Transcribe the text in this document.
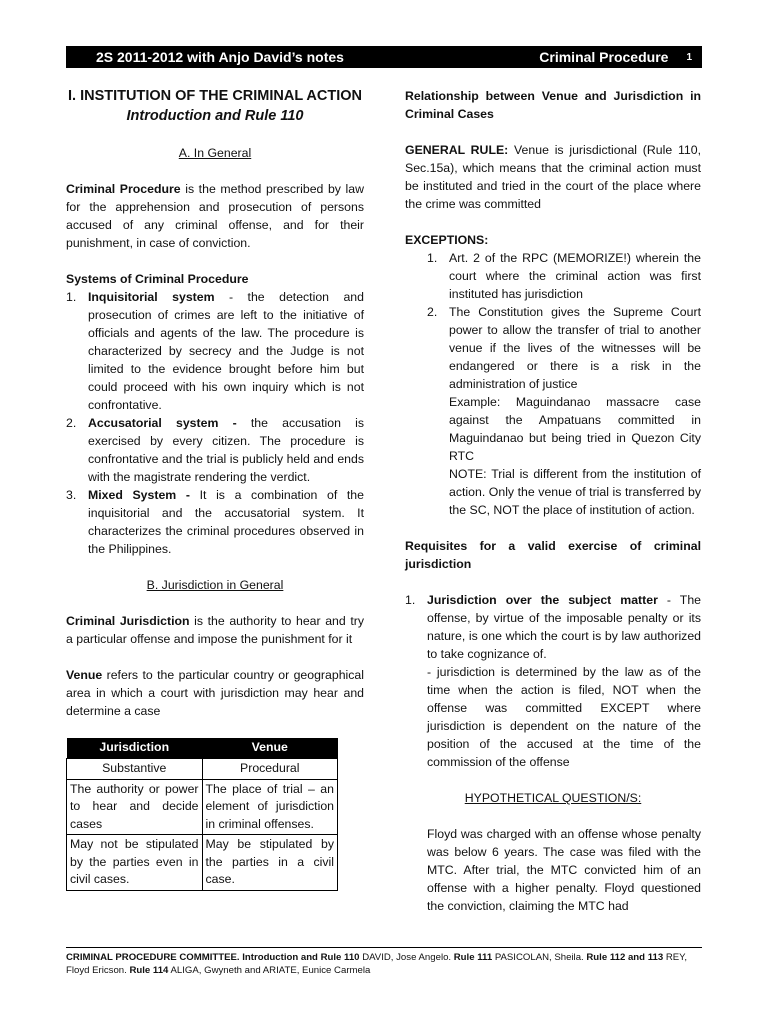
2S 2011-2012 with Anjo David’s notes	Criminal Procedure 1

I. INSTITUTION OF THE CRIMINAL ACTION

Introduction and Rule 110

A. In General

Criminal Procedure is the method prescribed by law for the apprehension and prosecution of persons accused of any criminal offense, and for their punishment, in case of conviction.

Systems of Criminal Procedure

1. Inquisitorial system - the detection and prosecution of crimes are left to the initiative of officials and agents of the law. The procedure is characterized by secrecy and the Judge is not limited to the evidence brought before him but could proceed with his own inquiry which is not confrontative.
2. Accusatorial system - the accusation is exercised by every citizen. The procedure is confrontative and the trial is publicly held and ends with the magistrate rendering the verdict.
3. Mixed System - It is a combination of the inquisitorial and the accusatorial system. It characterizes the criminal procedures observed in the Philippines.

B. Jurisdiction in General

Criminal Jurisdiction is the authority to hear and try a particular offense and impose the punishment for it

Venue refers to the particular country or geographical area in which a court with jurisdiction may hear and determine a case

Jurisdiction	Venue
Substantive	Procedural
The authority or power to hear and decide cases	The place of trial – an element of jurisdiction in criminal offenses.
May not be stipulated by the parties even in civil cases.	May be stipulated by the parties in a civil case.

Relationship between Venue and Jurisdiction in Criminal Cases

GENERAL RULE: Venue is jurisdictional (Rule 110, Sec.15a), which means that the criminal action must be instituted and tried in the court of the place where the crime was committed

EXCEPTIONS:

1. Art. 2 of the RPC (MEMORIZE!) wherein the court where the criminal action was first instituted has jurisdiction
2. The Constitution gives the Supreme Court power to allow the transfer of trial to another venue if the lives of the witnesses will be endangered or there is a risk in the administration of justice

Example: Maguindanao massacre case against the Ampatuans committed in Maguindanao but being tried in Quezon City RTC

NOTE: Trial is different from the institution of action. Only the venue of trial is transferred by the SC, NOT the place of institution of action.

Requisites for a valid exercise of criminal jurisdiction

1. Jurisdiction over the subject matter - The offense, by virtue of the imposable penalty or its nature, is one which the court is by law authorized to take cognizance of.

- jurisdiction is determined by the law as of the time when the action is filed, NOT when the offense was committed EXCEPT where jurisdiction is dependent on the nature of the position of the accused at the time of the commission of the offense

HYPOTHETICAL QUESTION/S:

Floyd was charged with an offense whose penalty was below 6 years. The case was filed with the MTC. After trial, the MTC convicted him of an offense with a higher penalty. Floyd questioned the conviction, claiming the MTC had

CRIMINAL PROCEDURE COMMITTEE. Introduction and Rule 110 DAVID, Jose Angelo. Rule 111 PASICOLAN, Sheila. Rule 112 and 113 REY, Floyd Ericson. Rule 114 ALIGA, Gwyneth and ARIATE, Eunice Carmela
